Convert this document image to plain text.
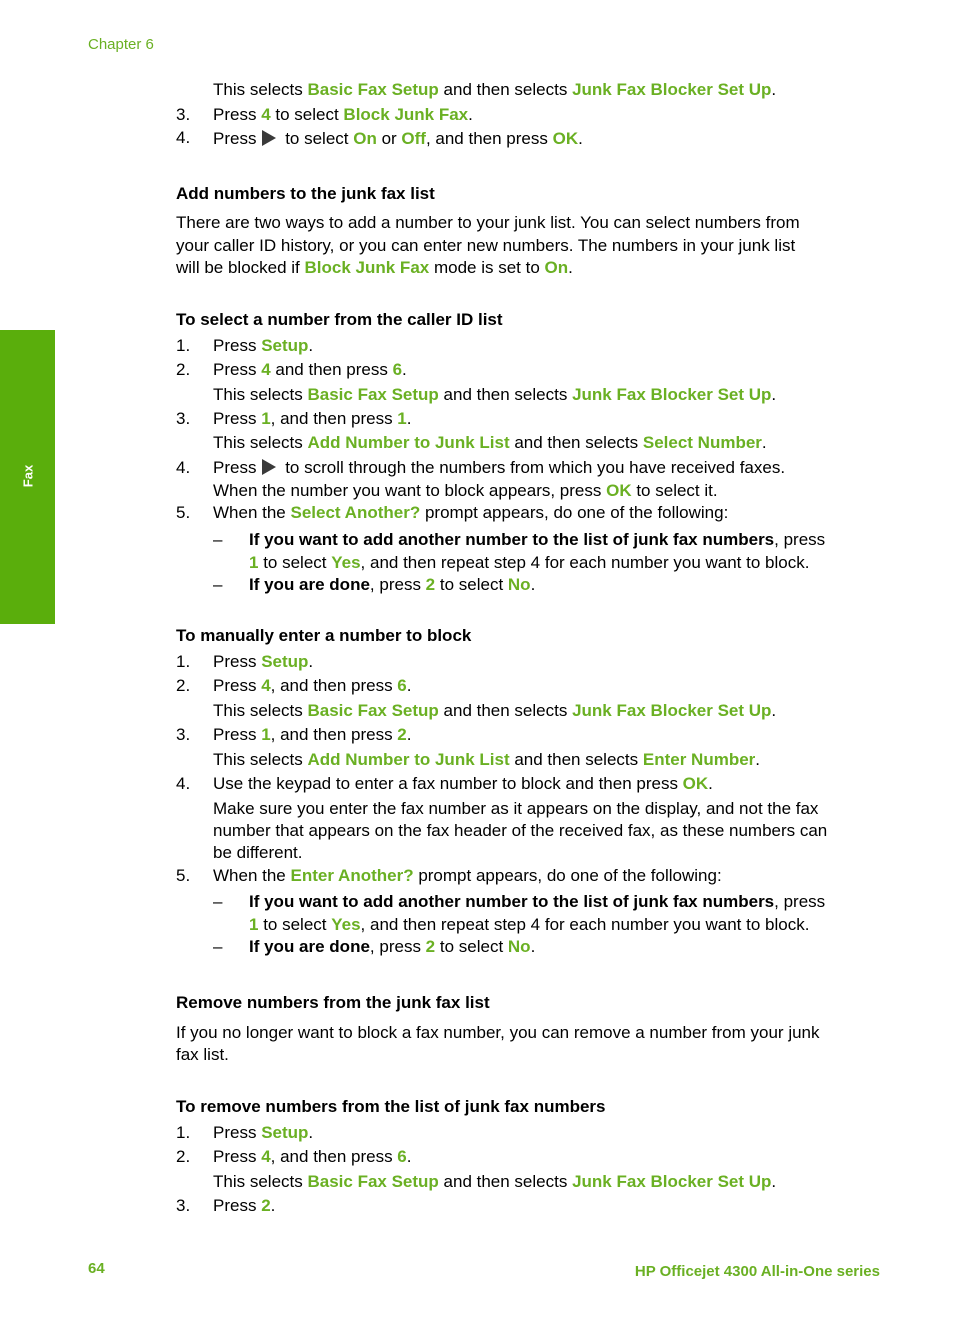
Chapter 6
Fax
This selects Basic Fax Setup and then selects Junk Fax Blocker Set Up.
3. Press 4 to select Block Junk Fax.
4. Press to select On or Off, and then press OK.
Add numbers to the junk fax list
There are two ways to add a number to your junk list. You can select numbers from
your caller ID history, or you can enter new numbers. The numbers in your junk list
will be blocked if Block Junk Fax mode is set to On.
To select a number from the caller ID list
1. Press Setup.
2. Press 4 and then press 6.
This selects Basic Fax Setup and then selects Junk Fax Blocker Set Up.
3. Press 1, and then press 1.
This selects Add Number to Junk List and then selects Select Number.
4. Press to scroll through the numbers from which you have received faxes.
When the number you want to block appears, press OK to select it.
5. When the Select Another? prompt appears, do one of the following:
– If you want to add another number to the list of junk fax numbers, press
1 to select Yes, and then repeat step 4 for each number you want to block.
– If you are done, press 2 to select No.
To manually enter a number to block
1. Press Setup.
2. Press 4, and then press 6.
This selects Basic Fax Setup and then selects Junk Fax Blocker Set Up.
3. Press 1, and then press 2.
This selects Add Number to Junk List and then selects Enter Number.
4. Use the keypad to enter a fax number to block and then press OK.
Make sure you enter the fax number as it appears on the display, and not the fax
number that appears on the fax header of the received fax, as these numbers can
be different.
5. When the Enter Another? prompt appears, do one of the following:
– If you want to add another number to the list of junk fax numbers, press
1 to select Yes, and then repeat step 4 for each number you want to block.
– If you are done, press 2 to select No.
Remove numbers from the junk fax list
If you no longer want to block a fax number, you can remove a number from your junk
fax list.
To remove numbers from the list of junk fax numbers
1. Press Setup.
2. Press 4, and then press 6.
This selects Basic Fax Setup and then selects Junk Fax Blocker Set Up.
3. Press 2.
64	HP Officejet 4300 All-in-One series
